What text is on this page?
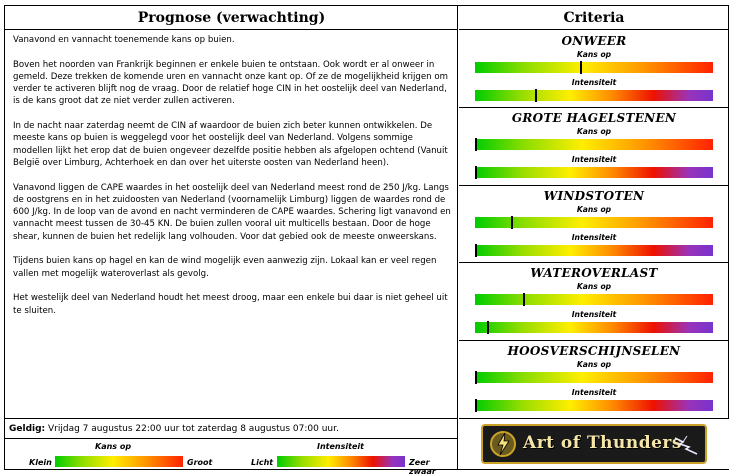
Prognose (verwachting)

Vanavond en vannacht toenemende kans op buien.

Boven het noorden van Frankrijk beginnen er enkele buien te ontstaan. Ook wordt er al onweer in gemeld. Deze trekken de komende uren en vannacht onze kant op. Of ze de mogelijkheid krijgen om verder te activeren blijft nog de vraag. Door de relatief hoge CIN in het oostelijk deel van Nederland, is de kans groot dat ze niet verder zullen activeren.

In de nacht naar zaterdag neemt de CIN af waardoor de buien zich beter kunnen ontwikkelen. De meeste kans op buien is weggelegd voor het oostelijk deel van Nederland. Volgens sommige modellen lijkt het erop dat de buien ongeveer dezelfde positie hebben als afgelopen ochtend (Vanuit België over Limburg, Achterhoek en dan over het uiterste oosten van Nederland heen).

Vanavond liggen de CAPE waardes in het oostelijk deel van Nederland meest rond de 250 J/kg. Langs de oostgrens en in het zuidoosten van Nederland (voornamelijk Limburg) liggen de waardes rond de 600 J/kg. In de loop van de avond en nacht verminderen de CAPE waardes. Schering ligt vanavond en vannacht meest tussen de 30-45 KN. De buien zullen vooral uit multicells bestaan. Door de hoge shear, kunnen de buien het redelijk lang volhouden. Voor dat gebied ook de meeste onweerskans.

Tijdens buien kans op hagel en kan de wind mogelijk even aanwezig zijn. Lokaal kan er veel regen vallen met mogelijk wateroverlast als gevolg.

Het westelijk deel van Nederland houdt het meest droog, maar een enkele bui daar is niet geheel uit te sluiten.

Geldig: Vrijdag 7 augustus 22:00 uur tot zaterdag 8 augustus 07:00 uur.
Kans op
Klein	Groot
Intensiteit
Licht	Zeer zwaar
Criteria
ONWEER
Kans op
Intensiteit
GROTE HAGELSTENEN
Kans op
Intensiteit
WINDSTOTEN
Kans op
Intensiteit
WATEROVERLAST
Kans op
Intensiteit
HOOSVERSCHIJNSELEN
Kans op
Intensiteit
Art of Thunders
